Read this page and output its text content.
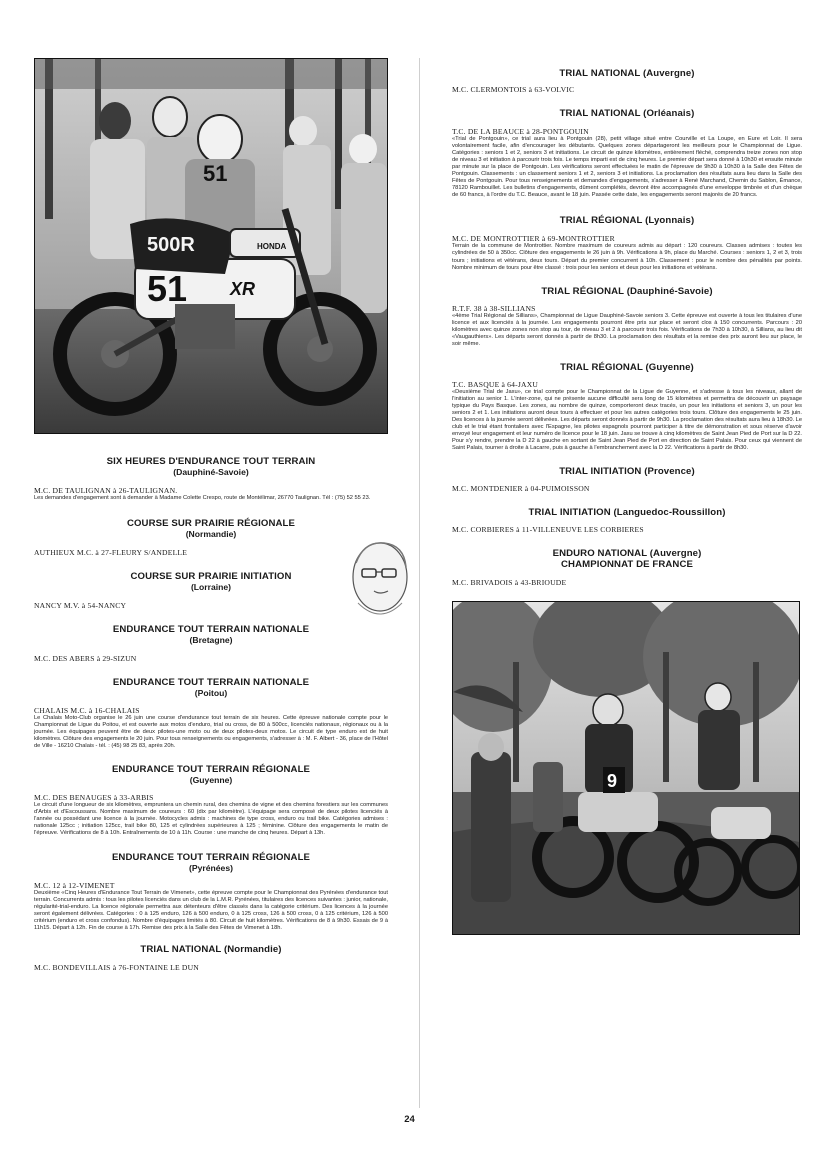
500R	HONDA
51 XR
51

SIX HEURES D'ENDURANCE TOUT TERRAIN

(Dauphiné-Savoie)

M.C. DE TAULIGNAN à 26-TAULIGNAN.

Les demandes d'engagement sont à demander à Madame Colette Crespo, route de Montélimar, 26770 Taulignan. Tél : (75) 52 55 23.

COURSE SUR PRAIRIE RÉGIONALE

(Normandie)

AUTHIEUX M.C. à 27-FLEURY S/ANDELLE

COURSE SUR PRAIRIE INITIATION

(Lorraine)

NANCY M.V. à 54-NANCY

ENDURANCE TOUT TERRAIN NATIONALE

(Bretagne)

M.C. DES ABERS à 29-SIZUN

ENDURANCE TOUT TERRAIN NATIONALE

(Poitou)

CHALAIS M.C. à 16-CHALAIS

Le Chalais Moto-Club organise le 26 juin une course d'endurance tout terrain de six heures. Cette épreuve nationale compte pour le Championnat de Ligue du Poitou, et est ouverte aux motos d'enduro, trial ou cross, de 80 à 500cc, licenciés nationaux, régionaux ou à la journée. Les équipages peuvent être de deux pilotes-une moto ou de deux pilotes-deux motos. Le circuit de type enduro est de huit kilomètres. Clôture des engagements le 20 juin. Pour tous renseignements ou engagements, s'adresser à : M. F. Albert - 36, place de l'Hôtel de Ville - 16210 Chalais - tél. : (45) 98 25 83, après 20h.

ENDURANCE TOUT TERRAIN RÉGIONALE

(Guyenne)

M.C. DES BENAUGES à 33-ARBIS

Le circuit d'une longueur de six kilomètres, empruntera un chemin rural, des chemins de vigne et des chemins forestiers sur les communes d'Arbis et d'Escoussans. Nombre maximum de coureurs : 60 (dix par kilomètre). L'équipage sera composé de deux pilotes licenciés à l'année ou possédant une licence à la journée. Motocycles admis : machines de type cross, enduro ou trail bike. Catégories admises : nationale 125cc ; initiation 125cc, trail bike 80, 125 et cylindrées supérieures à 125 ; féminine. Clôture des engagements le matin de l'épreuve. Vérifications de 8 à 10h. Entraînements de 10 à 11h. Course : une manche de cinq heures. Départ à 13h.

ENDURANCE TOUT TERRAIN RÉGIONALE

(Pyrénées)

M.C. 12 à 12-VIMENET

Deuxième «Cinq Heures d'Endurance Tout Terrain de Vimenet», cette épreuve compte pour le Championnat des Pyrénées d'endurance tout terrain. Concurrents admis : tous les pilotes licenciés dans un club de la L.M.R. Pyrénées, titulaires des licences suivantes : junior, nationale, régularité-trial-enduro. La licence régionale permettra aux détenteurs d'être classés dans la catégorie critérium. Des licences à la journée seront également délivrées. Catégories : 0 à 125 enduro, 126 à 500 enduro, 0 à 125 cross, 126 à 500 cross, 0 à 125 critérium, 126 à 500 critérium (enduro et cross confondus). Nombre d'équipages limités à 80. Circuit de huit kilomètres. Vérifications de 8 à 9h30. Essais de 9 à 11h15. Départ à 12h. Fin de course à 17h. Remise des prix à la Salle des Fêtes de Vimenet à 18h.

TRIAL NATIONAL (Normandie)

M.C. BONDEVILLAIS à 76-FONTAINE LE DUN

TRIAL NATIONAL (Auvergne)

M.C. CLERMONTOIS à 63-VOLVIC

TRIAL NATIONAL (Orléanais)

T.C. DE LA BEAUCE à 28-PONTGOUIN

«Trial de Pontgouin», ce trial aura lieu à Pontgouin (28), petit village situé entre Courville et La Loupe, en Eure et Loir. Il sera volontairement facile, afin d'encourager les débutants. Quelques zones départageront les meilleurs pour le Championnat de Ligue. Catégories : seniors 1 et 2, seniors 3 et initiations. Le circuit de quinze kilomètres, entièrement fléché, comprendra treize zones non stop de niveau 3 et initiation à parcourir trois fois. Le temps imparti est de cinq heures. Le premier départ sera donné à 10h30 et ensuite minute par minute sur la place de Pontgouin. Les vérifications seront effectuées le matin de l'épreuve de 9h30 à 10h30 à la Salle des Fêtes de Pontgouin. Classements : un classement seniors 1 et 2, seniors 3 et initiations. La proclamation des résultats aura lieu dans la Salle des Fêtes de Pontgouin. Pour tous renseignements et demandes d'engagements, s'adresser à René Marchand, Chemin du Sablon, Émance, 78120 Rambouillet. Les bulletins d'engagements, dûment complétés, devront être accompagnés d'une enveloppe timbrée et d'un chèque de 60 francs, à l'ordre du T.C. Beauce, avant le 18 juin. Passée cette date, les engagements seront majorés de 20 francs.

TRIAL RÉGIONAL (Lyonnais)

M.C. DE MONTROTTIER à 69-MONTROTTIER

Terrain de la commune de Montrottier. Nombre maximum de coureurs admis au départ : 120 coureurs. Classes admises : toutes les cylindrées de 50 à 350cc. Clôture des engagements le 26 juin à 9h. Vérifications à 9h, place du Marché. Courses : seniors 1, 2 et 3, trois tours ; initiations et vétérans, deux tours. Départ du premier concurrent à 10h. Classement : pour le nombre des pénalités par points. Nombre minimum de tours pour être classé : trois pour les seniors et deux pour les initiations et vétérans.

TRIAL RÉGIONAL (Dauphiné-Savoie)

R.T.F. 38 à 38-SILLIANS

«4ème Trial Régional de Sillians», Championnat de Ligue Dauphiné-Savoie seniors 3. Cette épreuve est ouverte à tous les titulaires d'une licence et aux licenciés à la journée. Les engagements pourront être pris sur place et seront clos à 150 concurrents. Parcours : 20 kilomètres avec quinze zones non stop au tour, de niveau 3 et 2 à parcourir trois fois. Vérifications de 7h30 à 10h30, à Sillians, au lieu dit «Vaugauthiers». Les départs seront donnés à partir de 8h30. La proclamation des résultats et la remise des prix auront lieu sur place, le soir même.

TRIAL RÉGIONAL (Guyenne)

T.C. BASQUE à 64-JAXU

«Deuxième Trial de Jaxu», ce trial compte pour le Championnat de la Ligue de Guyenne, et s'adresse à tous les niveaux, allant de l'initiation au senior 1. L'inter-zone, qui ne présente aucune difficulté sera long de 15 kilomètres et permettra de découvrir un paysage typique du Pays Basque. Les zones, au nombre de quinze, comporteront deux tracés, un pour les initiations et seniors 3, un pour les seniors 2 et 1. Les initiations auront deux tours à effectuer et pour les autres catégories trois tours. Clôture des engagements le 25 juin. Des licences à la journée seront délivrées. Les départs seront donnés à partir de 9h30. La proclamation des résultats aura lieu à 18h30. Le club et le trial étant frontaliers avec l'Espagne, les pilotes espagnols pourront participer à titre de démonstration et sous réserve d'avoir envoyé leur engagement et leur numéro de licence pour le 18 juin. Jaxu se trouve à cinq kilomètres de Saint Jean Pied de Port sur la D 22. Pour s'y rendre, prendre la D 22 à gauche en sortant de Saint Jean Pied de Port en direction de Saint Palais. Pour ceux qui viennent de Saint Palais, tourner à droite à Lacarre, puis à gauche à l'embranchement avec la D 22. Vérifications à partir de 8h30.

TRIAL INITIATION (Provence)

M.C. MONTDENIER à 04-PUIMOISSON

TRIAL INITIATION (Languedoc-Roussillon)

M.C. CORBIERES à 11-VILLENEUVE LES CORBIERES

ENDURO NATIONAL (Auvergne)

CHAMPIONNAT DE FRANCE

M.C. BRIVADOIS à 43-BRIOUDE

9
24
